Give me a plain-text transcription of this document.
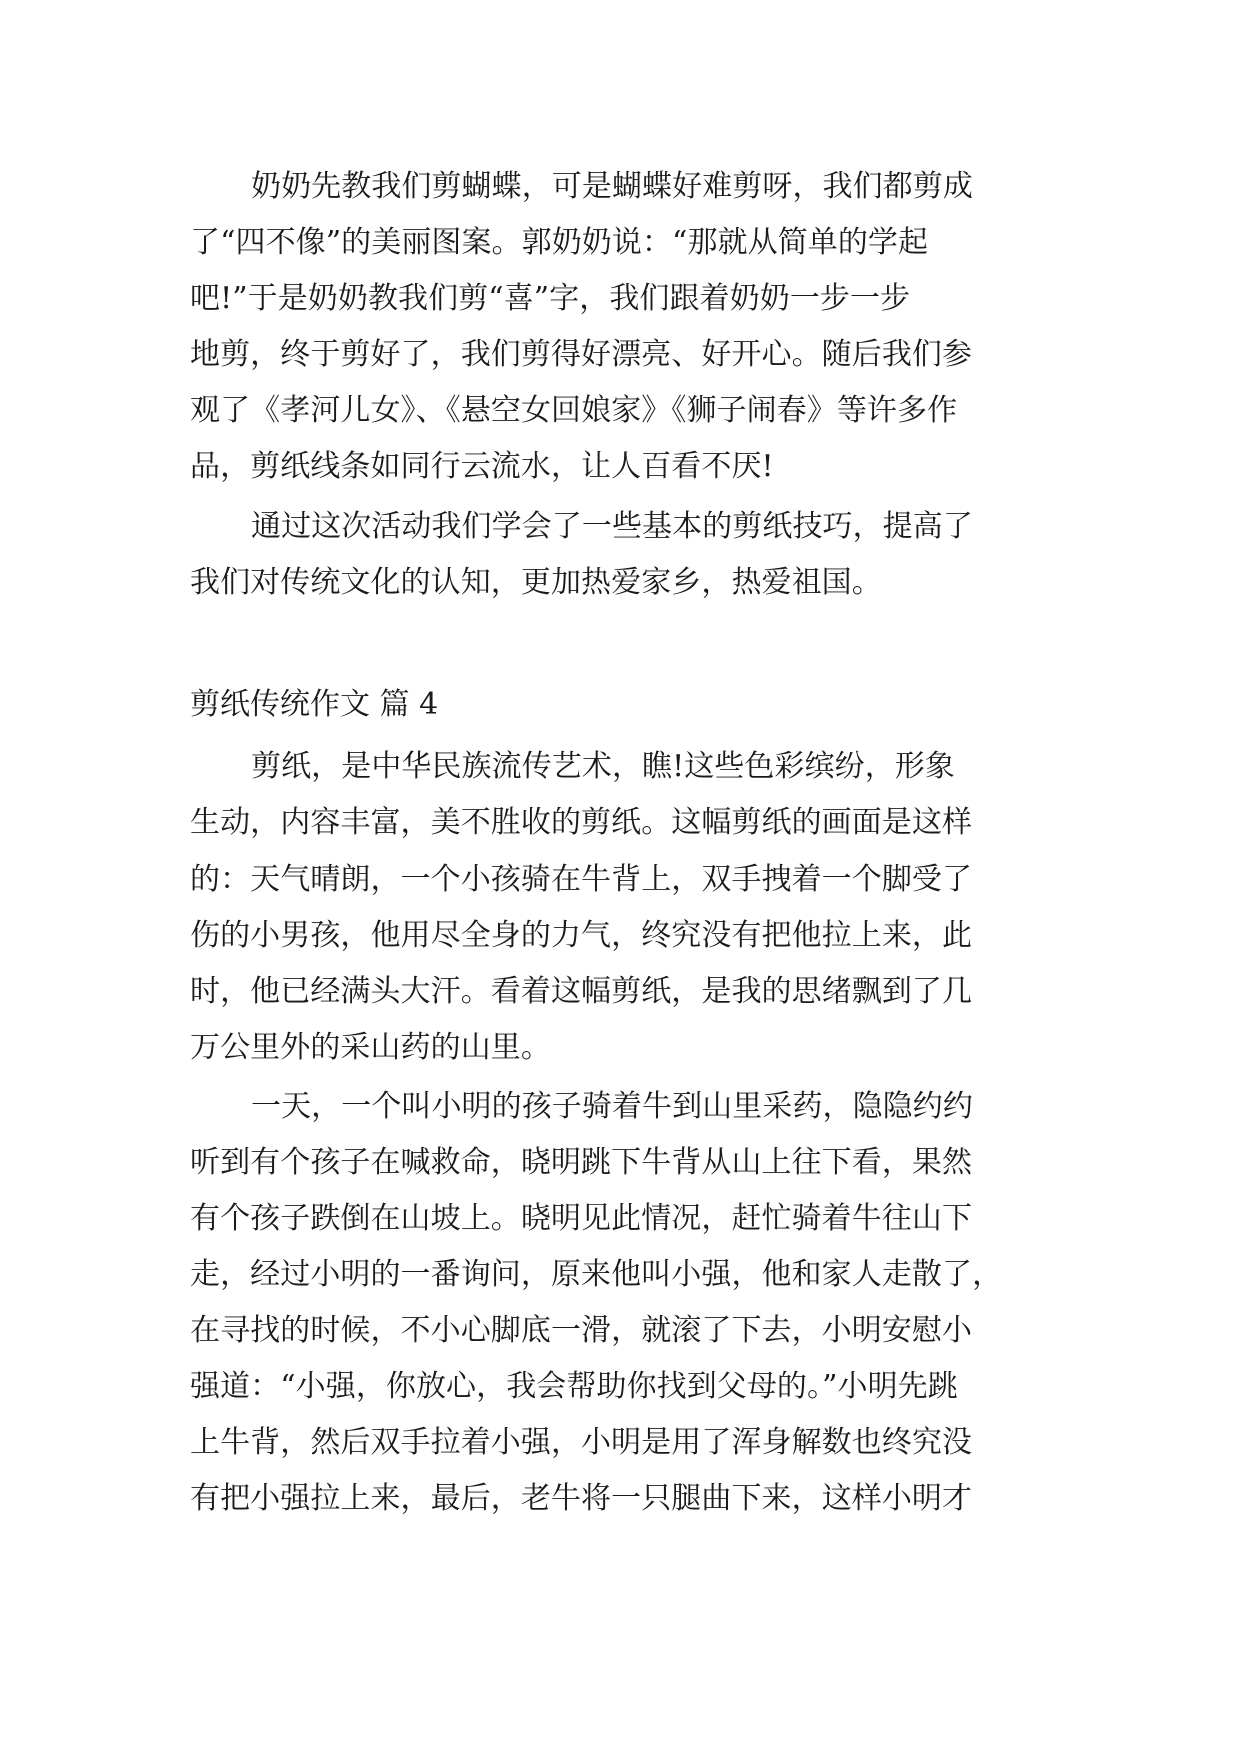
奶奶先教我们剪蝴蝶，可是蝴蝶好难剪呀，我们都剪成
了“四不像”的美丽图案。郭奶奶说：“那就从简单的学起
吧!”于是奶奶教我们剪“喜”字，我们跟着奶奶一步一步
地剪，终于剪好了，我们剪得好漂亮、好开心。随后我们参
观了《孝河儿女》、《悬空女回娘家》《狮子闹春》等许多作
品，剪纸线条如同行云流水，让人百看不厌!
通过这次活动我们学会了一些基本的剪纸技巧，提高了
我们对传统文化的认知，更加热爱家乡，热爱祖国。
剪纸传统作文 篇 4
剪纸，是中华民族流传艺术，瞧!这些色彩缤纷，形象
生动，内容丰富，美不胜收的剪纸。这幅剪纸的画面是这样
的：天气晴朗，一个小孩骑在牛背上，双手拽着一个脚受了
伤的小男孩，他用尽全身的力气，终究没有把他拉上来，此
时，他已经满头大汗。看着这幅剪纸，是我的思绪飘到了几
万公里外的采山药的山里。
一天，一个叫小明的孩子骑着牛到山里采药，隐隐约约
听到有个孩子在喊救命，晓明跳下牛背从山上往下看，果然
有个孩子跌倒在山坡上。晓明见此情况，赶忙骑着牛往山下
走，经过小明的一番询问，原来他叫小强，他和家人走散了，
在寻找的时候，不小心脚底一滑，就滚了下去，小明安慰小
强道：“小强，你放心，我会帮助你找到父母的。”小明先跳
上牛背，然后双手拉着小强，小明是用了浑身解数也终究没
有把小强拉上来，最后，老牛将一只腿曲下来，这样小明才
